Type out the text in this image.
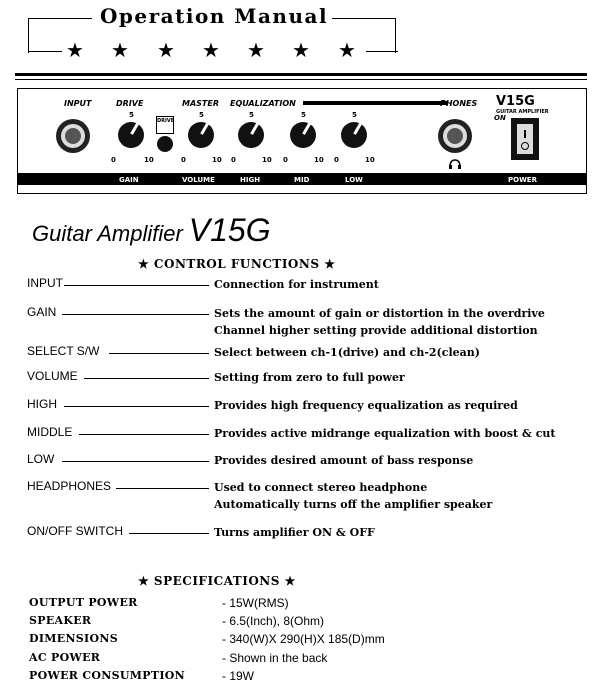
Operation Manual
★ ★ ★ ★ ★ ★ ★
INPUT	DRIVE	MASTER EQUALIZATION	PHONES
ON
V15G
GUITAR AMPLIFIER
5
0	10
5
0	10
5
0	10
5
0	10
5
0	10
DRIVE
GAIN	VOLUME	HIGH	MID	LOW	POWER
Guitar Amplifier V15G
★ CONTROL FUNCTIONS ★
INPUT	Connection for instrument
GAIN	Sets the amount of gain or distortion in the overdrive
Channel higher setting provide additional distortion
SELECT S/W	Select between ch-1(drive) and ch-2(clean)
VOLUME	Setting from zero to full power
HIGH	Provides high frequency equalization as required
MIDDLE	Provides active midrange equalization with boost & cut
LOW	Provides desired amount of bass response
HEADPHONES	Used to connect stereo headphone
Automatically turns off the amplifier speaker
ON/OFF SWITCH	Turns amplifier ON & OFF
★ SPECIFICATIONS ★
OUTPUT POWER	- 15W(RMS)
SPEAKER	- 6.5(Inch), 8(Ohm)
DIMENSIONS	- 340(W)X 290(H)X 185(D)mm
AC POWER	- Shown in the back
POWER CONSUMPTION	- 19W
